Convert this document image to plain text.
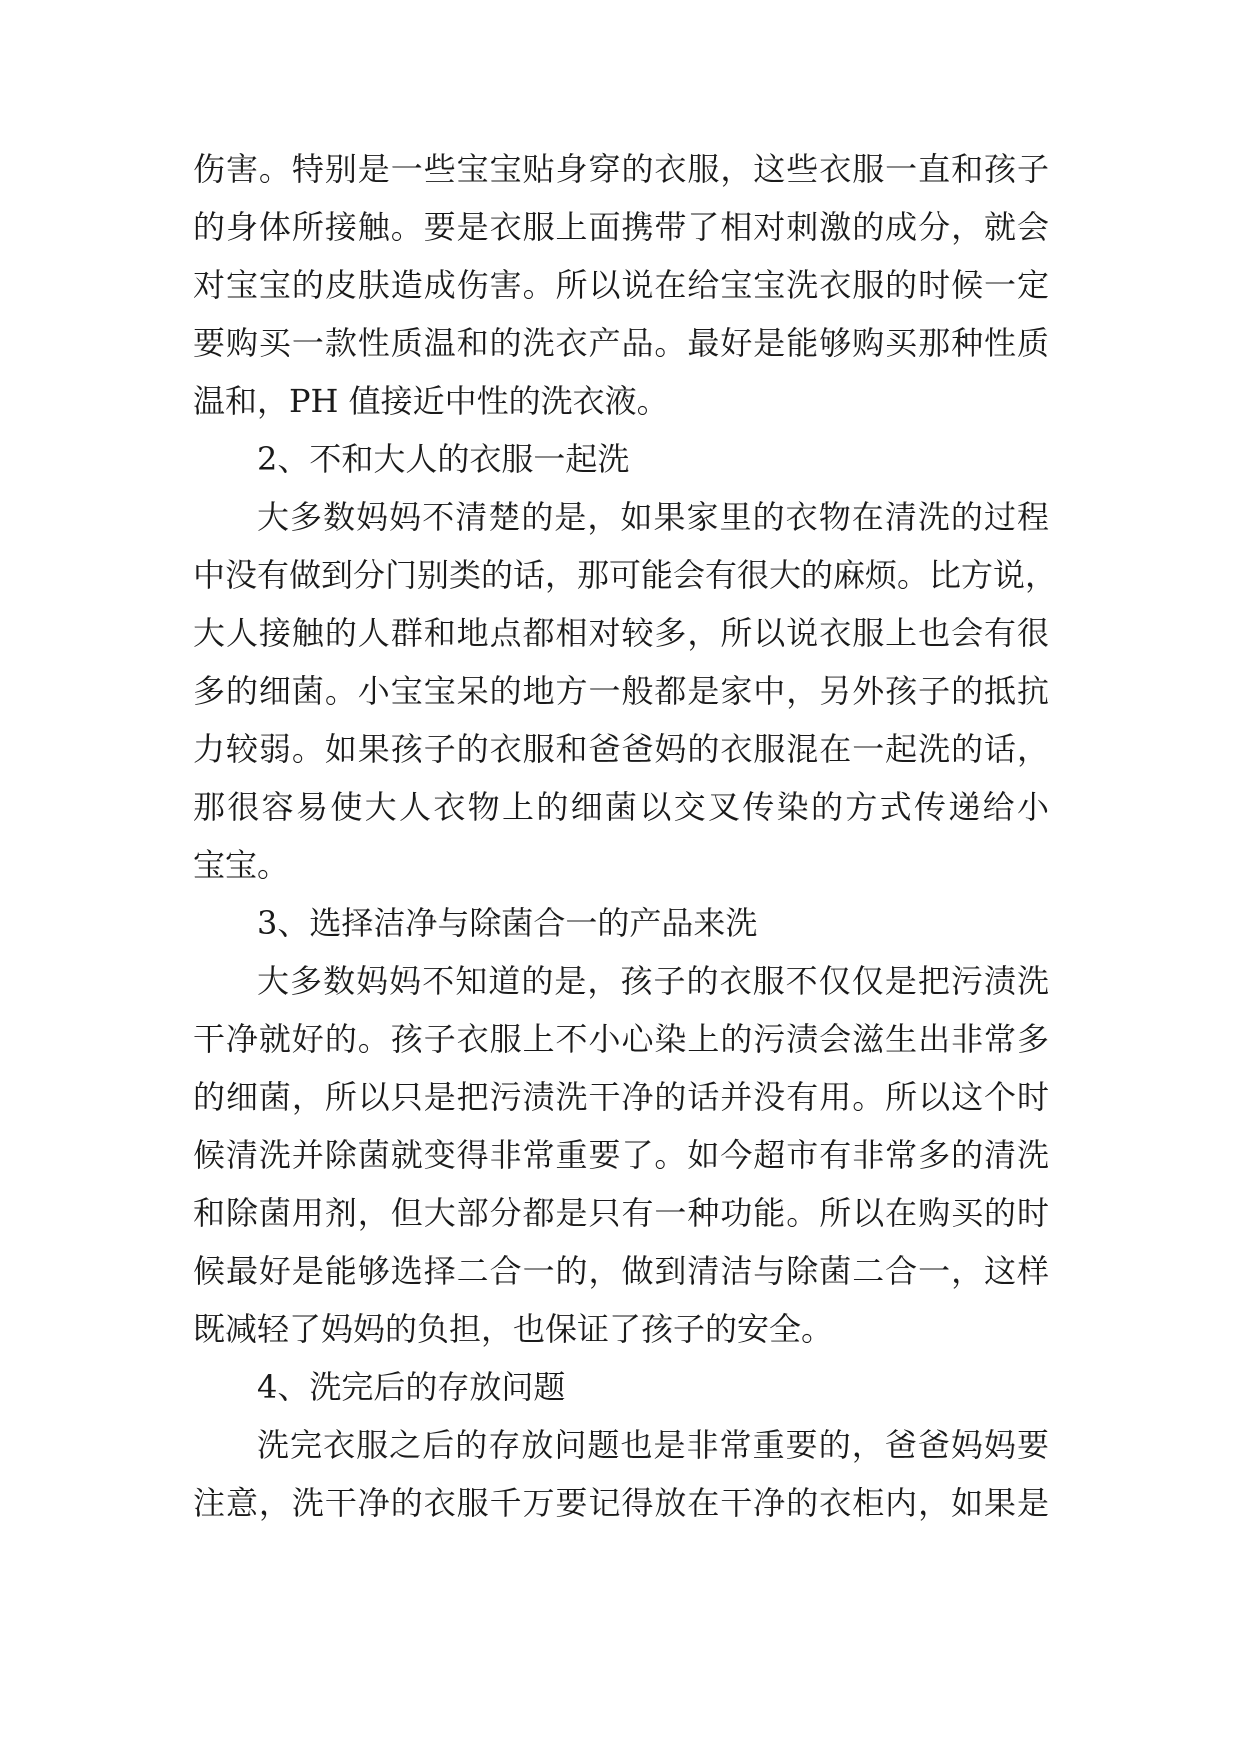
伤害。特别是一些宝宝贴身穿的衣服，这些衣服一直和孩子
的身体所接触。要是衣服上面携带了相对刺激的成分，就会
对宝宝的皮肤造成伤害。所以说在给宝宝洗衣服的时候一定
要购买一款性质温和的洗衣产品。最好是能够购买那种性质
温和，PH 值接近中性的洗衣液。
2、不和大人的衣服一起洗
大多数妈妈不清楚的是，如果家里的衣物在清洗的过程
中没有做到分门别类的话，那可能会有很大的麻烦。比方说，
大人接触的人群和地点都相对较多，所以说衣服上也会有很
多的细菌。小宝宝呆的地方一般都是家中，另外孩子的抵抗
力较弱。如果孩子的衣服和爸爸妈的衣服混在一起洗的话，
那很容易使大人衣物上的细菌以交叉传染的方式传递给小
宝宝。
3、选择洁净与除菌合一的产品来洗
大多数妈妈不知道的是，孩子的衣服不仅仅是把污渍洗
干净就好的。孩子衣服上不小心染上的污渍会滋生出非常多
的细菌，所以只是把污渍洗干净的话并没有用。所以这个时
候清洗并除菌就变得非常重要了。如今超市有非常多的清洗
和除菌用剂，但大部分都是只有一种功能。所以在购买的时
候最好是能够选择二合一的，做到清洁与除菌二合一，这样
既减轻了妈妈的负担，也保证了孩子的安全。
4、洗完后的存放问题
洗完衣服之后的存放问题也是非常重要的，爸爸妈妈要
注意，洗干净的衣服千万要记得放在干净的衣柜内，如果是
